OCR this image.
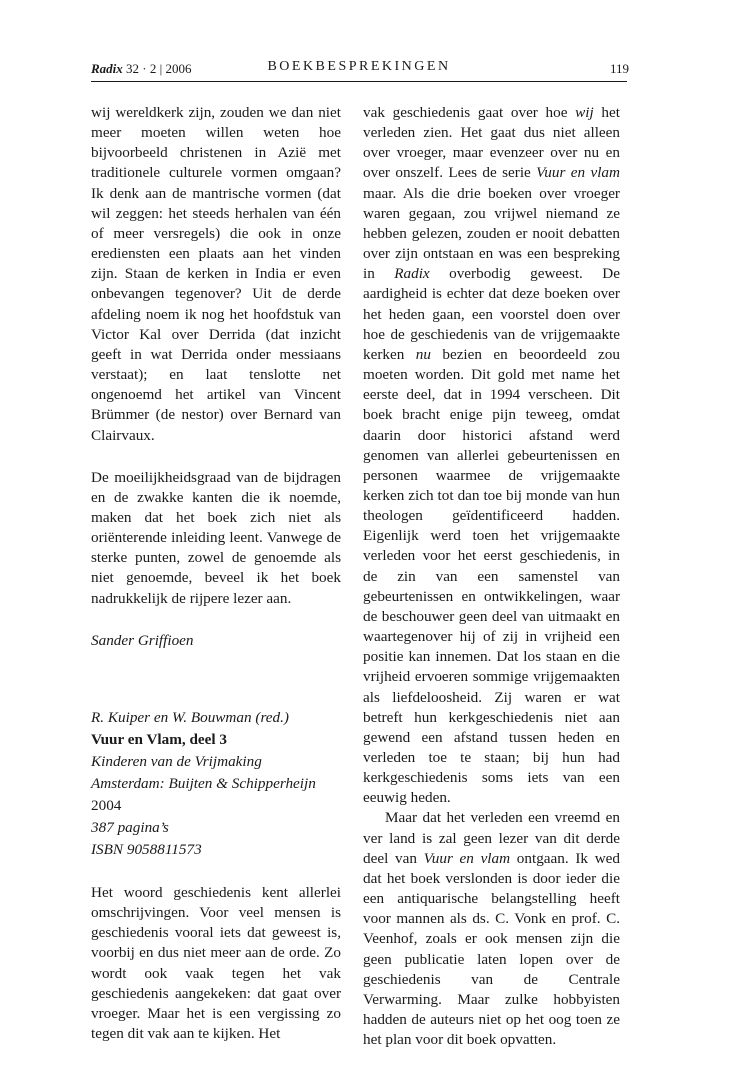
Radix 32 · 2 | 2006	BOEKBESPREKINGEN	119

wij wereldkerk zijn, zouden we dan niet meer moeten willen weten hoe bijvoorbeeld christenen in Azië met traditionele culturele vormen omgaan? Ik denk aan de mantrische vormen (dat wil zeggen: het steeds herhalen van één of meer versregels) die ook in onze erediensten een plaats aan het vinden zijn. Staan de kerken in India er even onbevangen tegenover? Uit de derde afdeling noem ik nog het hoofdstuk van Victor Kal over Derrida (dat inzicht geeft in wat Derrida onder messiaans verstaat); en laat tenslotte net ongenoemd het artikel van Vincent Brümmer (de nestor) over Bernard van Clairvaux.

De moeilijkheidsgraad van de bijdragen en de zwakke kanten die ik noemde, maken dat het boek zich niet als oriënterende inleiding leent. Vanwege de sterke punten, zowel de genoemde als niet genoemde, beveel ik het boek nadrukkelijk de rijpere lezer aan.

Sander Griffioen

R. Kuiper en W. Bouwman (red.)
Vuur en Vlam, deel 3
Kinderen van de Vrijmaking
Amsterdam: Buijten & Schipperheijn
2004
387 pagina’s
ISBN 9058811573

Het woord geschiedenis kent allerlei omschrijvingen. Voor veel mensen is geschiedenis vooral iets dat geweest is, voorbij en dus niet meer aan de orde. Zo wordt ook vaak tegen het vak geschiedenis aangekeken: dat gaat over vroeger. Maar het is een vergissing zo tegen dit vak aan te kijken. Het

vak geschiedenis gaat over hoe wij het verleden zien. Het gaat dus niet alleen over vroeger, maar evenzeer over nu en over onszelf. Lees de serie Vuur en vlam maar. Als die drie boeken over vroeger waren gegaan, zou vrijwel niemand ze hebben gelezen, zouden er nooit debatten over zijn ontstaan en was een bespreking in Radix overbodig geweest. De aardigheid is echter dat deze boeken over het heden gaan, een voorstel doen over hoe de geschiedenis van de vrijgemaakte kerken nu bezien en beoordeeld zou moeten worden. Dit gold met name het eerste deel, dat in 1994 verscheen. Dit boek bracht enige pijn teweeg, omdat daarin door historici afstand werd genomen van allerlei gebeurtenissen en personen waarmee de vrijgemaakte kerken zich tot dan toe bij monde van hun theologen geïdentificeerd hadden. Eigenlijk werd toen het vrijgemaakte verleden voor het eerst geschiedenis, in de zin van een samenstel van gebeurtenissen en ontwikkelingen, waar de beschouwer geen deel van uitmaakt en waartegenover hij of zij in vrijheid een positie kan innemen. Dat los staan en die vrijheid ervoeren sommige vrijgemaakten als liefdeloosheid. Zij waren er wat betreft hun kerkgeschiedenis niet aan gewend een afstand tussen heden en verleden toe te staan; bij hun had kerkgeschiedenis soms iets van een eeuwig heden.

Maar dat het verleden een vreemd en ver land is zal geen lezer van dit derde deel van Vuur en vlam ontgaan. Ik wed dat het boek verslonden is door ieder die een antiquarische belangstelling heeft voor mannen als ds. C. Vonk en prof. C. Veenhof, zoals er ook mensen zijn die geen publicatie laten lopen over de geschiedenis van de Centrale Verwarming. Maar zulke hobbyisten hadden de auteurs niet op het oog toen ze het plan voor dit boek opvatten.
